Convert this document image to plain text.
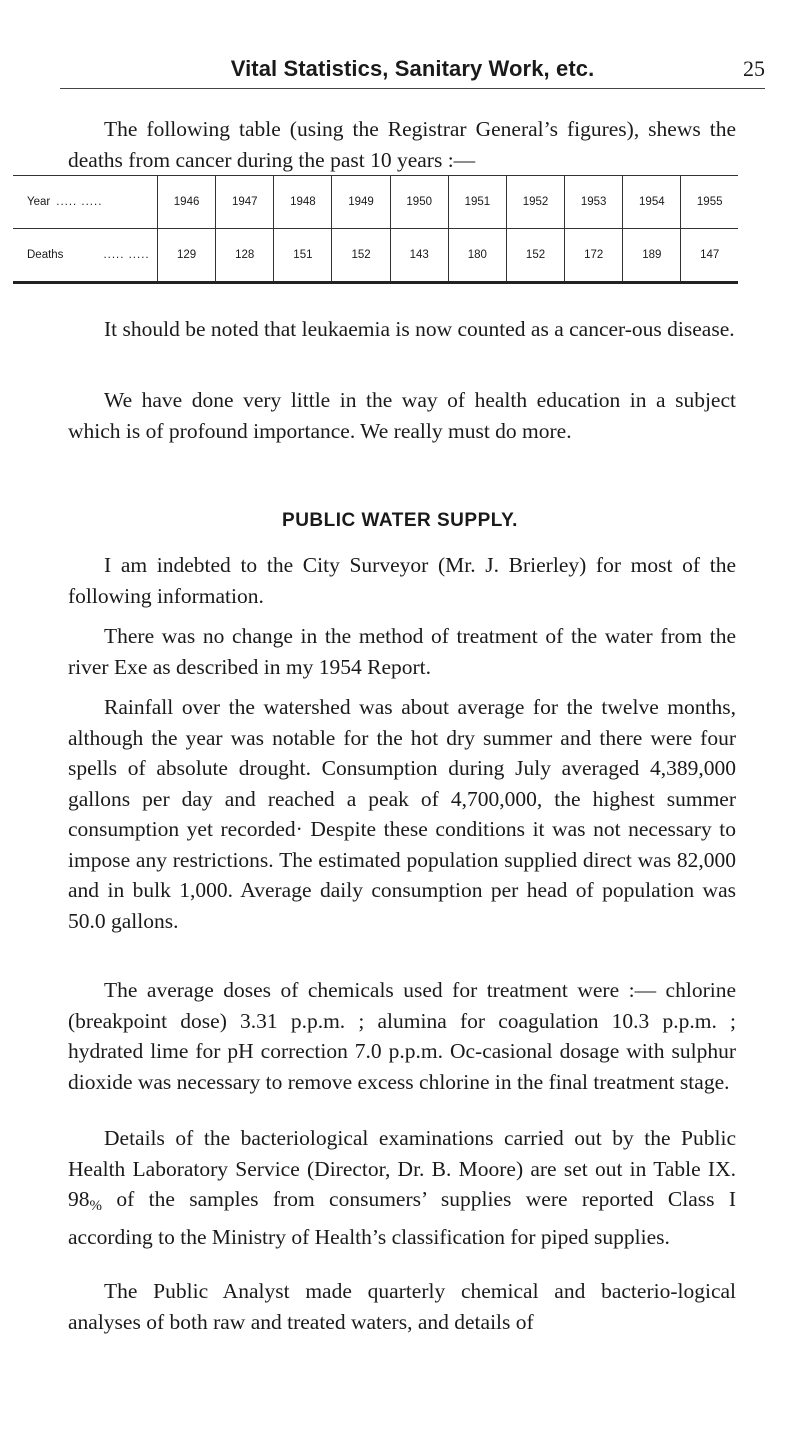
Vital Statistics, Sanitary Work, etc.	25
The following table (using the Registrar General’s figures), shews the deaths from cancer during the past 10 years :—
Year ..... .....	1946	1947	1948	1949	1950	1951	1952	1953	1954	1955
Deaths ..... .....	129	128	151	152	143	180	152	172	189	147
It should be noted that leukaemia is now counted as a cancer-ous disease.
We have done very little in the way of health education in a subject which is of profound importance. We really must do more.
PUBLIC WATER SUPPLY.
I am indebted to the City Surveyor (Mr. J. Brierley) for most of the following information.
There was no change in the method of treatment of the water from the river Exe as described in my 1954 Report.
Rainfall over the watershed was about average for the twelve months, although the year was notable for the hot dry summer and there were four spells of absolute drought. Consumption during July averaged 4,389,000 gallons per day and reached a peak of 4,700,000, the highest summer consumption yet recorded· Despite these conditions it was not necessary to impose any restrictions. The estimated population supplied direct was 82,000 and in bulk 1,000. Average daily consumption per head of population was 50.0 gallons.
The average doses of chemicals used for treatment were :— chlorine (breakpoint dose) 3.31 p.p.m. ; alumina for coagulation 10.3 p.p.m. ; hydrated lime for pH correction 7.0 p.p.m. Oc-casional dosage with sulphur dioxide was necessary to remove excess chlorine in the final treatment stage.
Details of the bacteriological examinations carried out by the Public Health Laboratory Service (Director, Dr. B. Moore) are set out in Table IX. 98% of the samples from consumers’ supplies were reported Class I according to the Ministry of Health’s classification for piped supplies.
The Public Analyst made quarterly chemical and bacterio-logical analyses of both raw and treated waters, and details of
